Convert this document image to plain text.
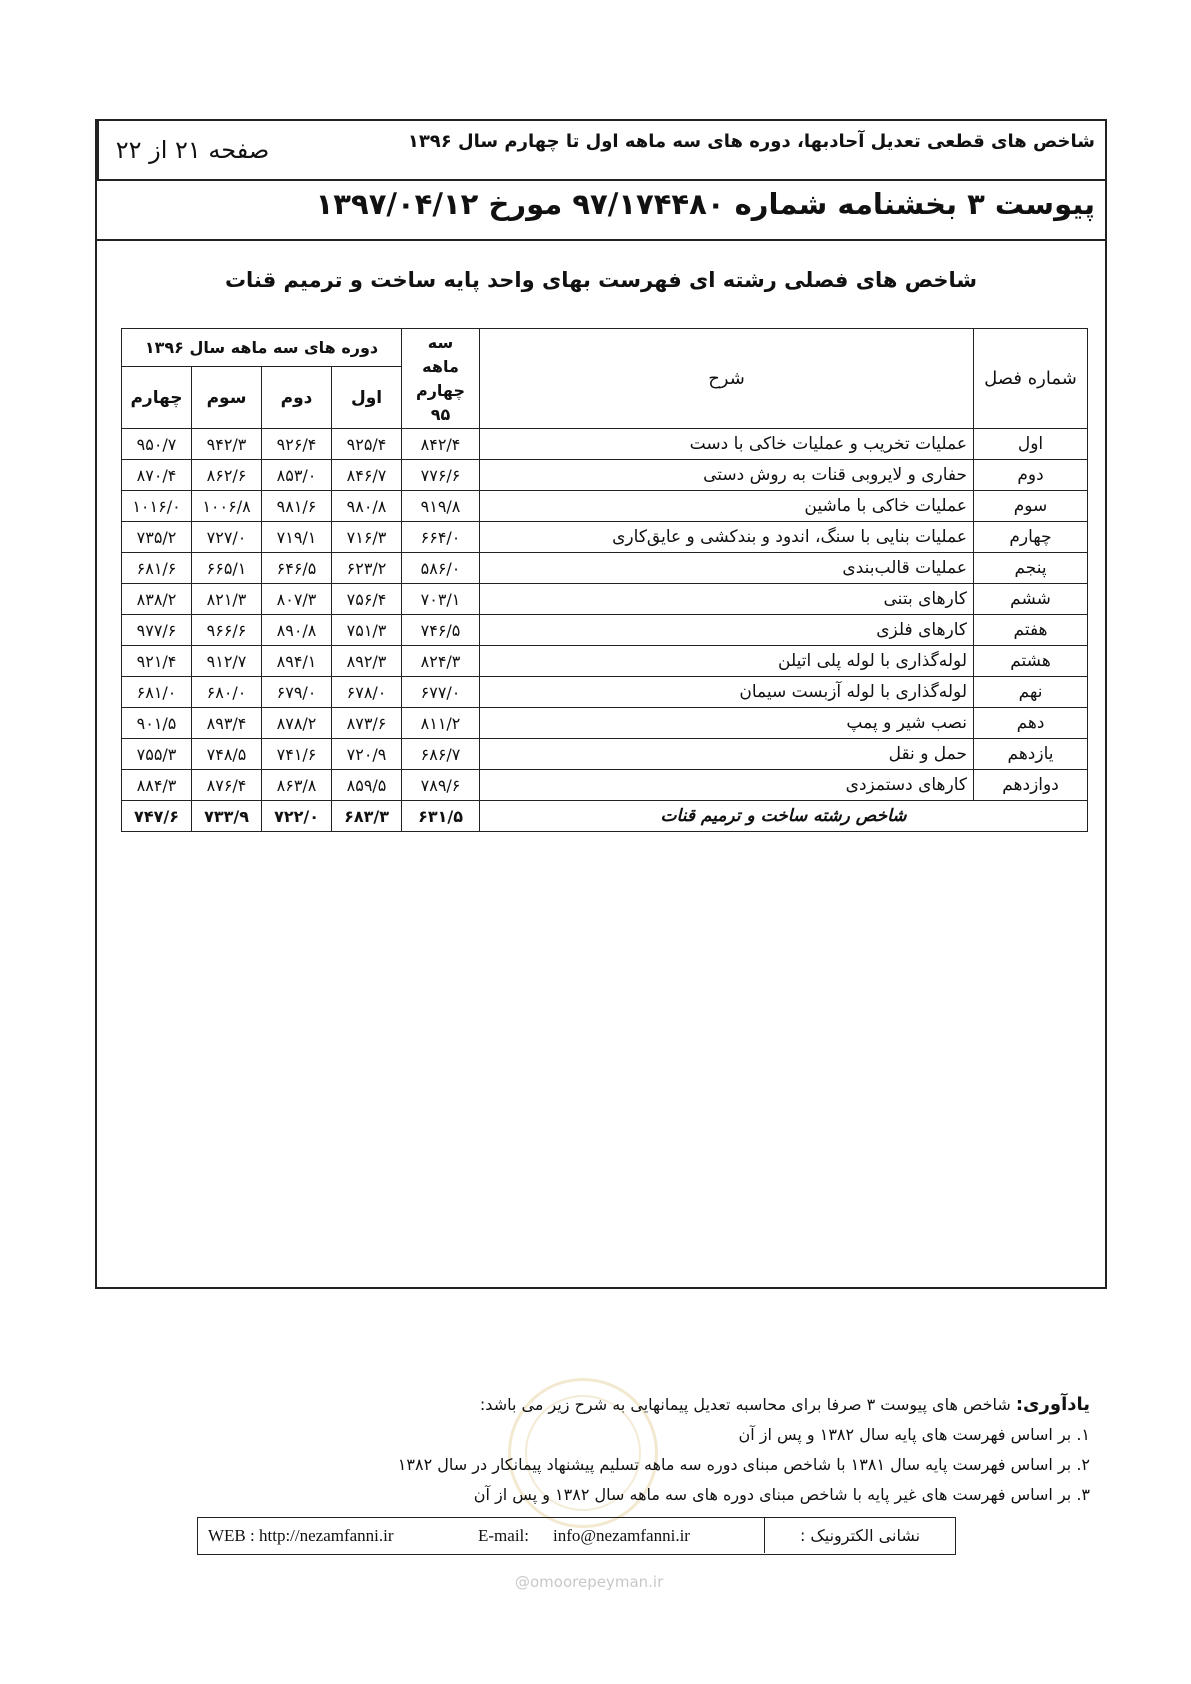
صفحه ۲۱ از ۲۲	شاخص های قطعی تعدیل آحادبها، دوره های سه ماهه اول تا چهارم سال ۱۳۹۶
پیوست ۳ بخشنامه شماره ۹۷/۱۷۴۴۸۰ مورخ ۱۳۹۷/۰۴/۱۲
شاخص های فصلی رشته ای فهرست بهای واحد پایه ساخت و ترمیم قنات
شماره فصل	شرح	سه ماهه چهارم ۹۵	دوره های سه ماهه سال ۱۳۹۶			
			اول	دوم	سوم	چهارم
اول	عملیات تخریب و عملیات خاکی با دست	۸۴۲/۴	۹۲۵/۴	۹۲۶/۴	۹۴۲/۳	۹۵۰/۷
دوم	حفاری و لایروبی قنات به روش دستی	۷۷۶/۶	۸۴۶/۷	۸۵۳/۰	۸۶۲/۶	۸۷۰/۴
سوم	عملیات خاکی با ماشین	۹۱۹/۸	۹۸۰/۸	۹۸۱/۶	۱۰۰۶/۸	۱۰۱۶/۰
چهارم	عملیات بنایی با سنگ، اندود و بندکشی و عایق‌کاری	۶۶۴/۰	۷۱۶/۳	۷۱۹/۱	۷۲۷/۰	۷۳۵/۲
پنجم	عملیات قالب‌بندی	۵۸۶/۰	۶۲۳/۲	۶۴۶/۵	۶۶۵/۱	۶۸۱/۶
ششم	کارهای بتنی	۷۰۳/۱	۷۵۶/۴	۸۰۷/۳	۸۲۱/۳	۸۳۸/۲
هفتم	کارهای فلزی	۷۴۶/۵	۷۵۱/۳	۸۹۰/۸	۹۶۶/۶	۹۷۷/۶
هشتم	لوله‌گذاری با لوله پلی اتیلن	۸۲۴/۳	۸۹۲/۳	۸۹۴/۱	۹۱۲/۷	۹۲۱/۴
نهم	لوله‌گذاری با لوله آزبست سیمان	۶۷۷/۰	۶۷۸/۰	۶۷۹/۰	۶۸۰/۰	۶۸۱/۰
دهم	نصب شیر و پمپ	۸۱۱/۲	۸۷۳/۶	۸۷۸/۲	۸۹۳/۴	۹۰۱/۵
یازدهم	حمل و نقل	۶۸۶/۷	۷۲۰/۹	۷۴۱/۶	۷۴۸/۵	۷۵۵/۳
دوازدهم	کارهای دستمزدی	۷۸۹/۶	۸۵۹/۵	۸۶۳/۸	۸۷۶/۴	۸۸۴/۳
شاخص رشته ساخت و ترمیم قنات		۶۳۱/۵	۶۸۳/۳	۷۲۲/۰	۷۳۳/۹	۷۴۷/۶
یادآوری: شاخص های پیوست ۳ صرفا برای محاسبه تعدیل پیمانهایی به شرح زیر می باشد:
۱. بر اساس فهرست های پایه سال ۱۳۸۲ و پس از آن
۲. بر اساس فهرست پایه سال ۱۳۸۱ با شاخص مبنای دوره سه ماهه تسلیم پیشنهاد پیمانکار در سال ۱۳۸۲
۳. بر اساس فهرست های غیر پایه با شاخص مبنای دوره های سه ماهه سال ۱۳۸۲ و پس از آن
WEB : http://nezamfanni.ir	E-mail: info@nezamfanni.ir	نشانی الکترونیک :
@omoorepeyman.ir
